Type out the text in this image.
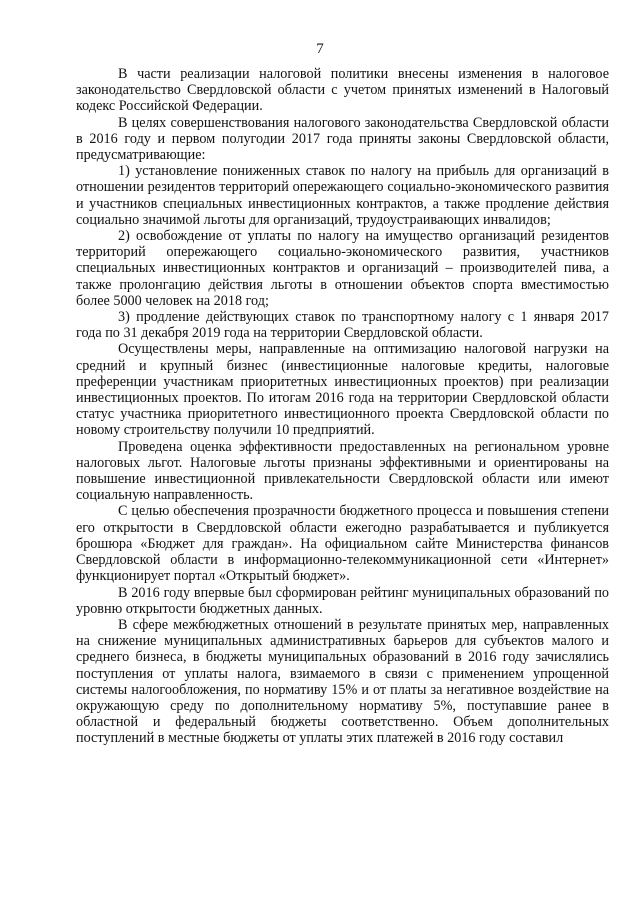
7

В части реализации налоговой политики внесены изменения в налоговое законодательство Свердловской области с учетом принятых изменений в Налоговый кодекс Российской Федерации.

В целях совершенствования налогового законодательства Свердловской области в 2016 году и первом полугодии 2017 года приняты законы Свердловской области, предусматривающие:

1) установление пониженных ставок по налогу на прибыль для организаций в отношении резидентов территорий опережающего социально-экономического развития и участников специальных инвестиционных контрактов, а также продление действия социально значимой льготы для организаций, трудоустраивающих инвалидов;

2) освобождение от уплаты по налогу на имущество организаций резидентов территорий опережающего социально-экономического развития, участников специальных инвестиционных контрактов и организаций – производителей пива, а также пролонгацию действия льготы в отношении объектов спорта вместимостью более 5000 человек на 2018 год;

3) продление действующих ставок по транспортному налогу с 1 января 2017 года по 31 декабря 2019 года на территории Свердловской области.

Осуществлены меры, направленные на оптимизацию налоговой нагрузки на средний и крупный бизнес (инвестиционные налоговые кредиты, налоговые преференции участникам приоритетных инвестиционных проектов) при реализации инвестиционных проектов. По итогам 2016 года на территории Свердловской области статус участника приоритетного инвестиционного проекта Свердловской области по новому строительству получили 10 предприятий.

Проведена оценка эффективности предоставленных на региональном уровне налоговых льгот. Налоговые льготы признаны эффективными и ориентированы на повышение инвестиционной привлекательности Свердловской области или имеют социальную направленность.

С целью обеспечения прозрачности бюджетного процесса и повышения степени его открытости в Свердловской области ежегодно разрабатывается и публикуется брошюра «Бюджет для граждан». На официальном сайте Министерства финансов Свердловской области в информационно-телекоммуникационной сети «Интернет» функционирует портал «Открытый бюджет».

В 2016 году впервые был сформирован рейтинг муниципальных образований по уровню открытости бюджетных данных.

В сфере межбюджетных отношений в результате принятых мер, направленных на снижение муниципальных административных барьеров для субъектов малого и среднего бизнеса, в бюджеты муниципальных образований в 2016 году зачислялись поступления от уплаты налога, взимаемого в связи с применением упрощенной системы налогообложения, по нормативу 15% и от платы за негативное воздействие на окружающую среду по дополнительному нормативу 5%, поступавшие ранее в областной и федеральный бюджеты соответственно. Объем дополнительных поступлений в местные бюджеты от уплаты этих платежей в 2016 году составил
